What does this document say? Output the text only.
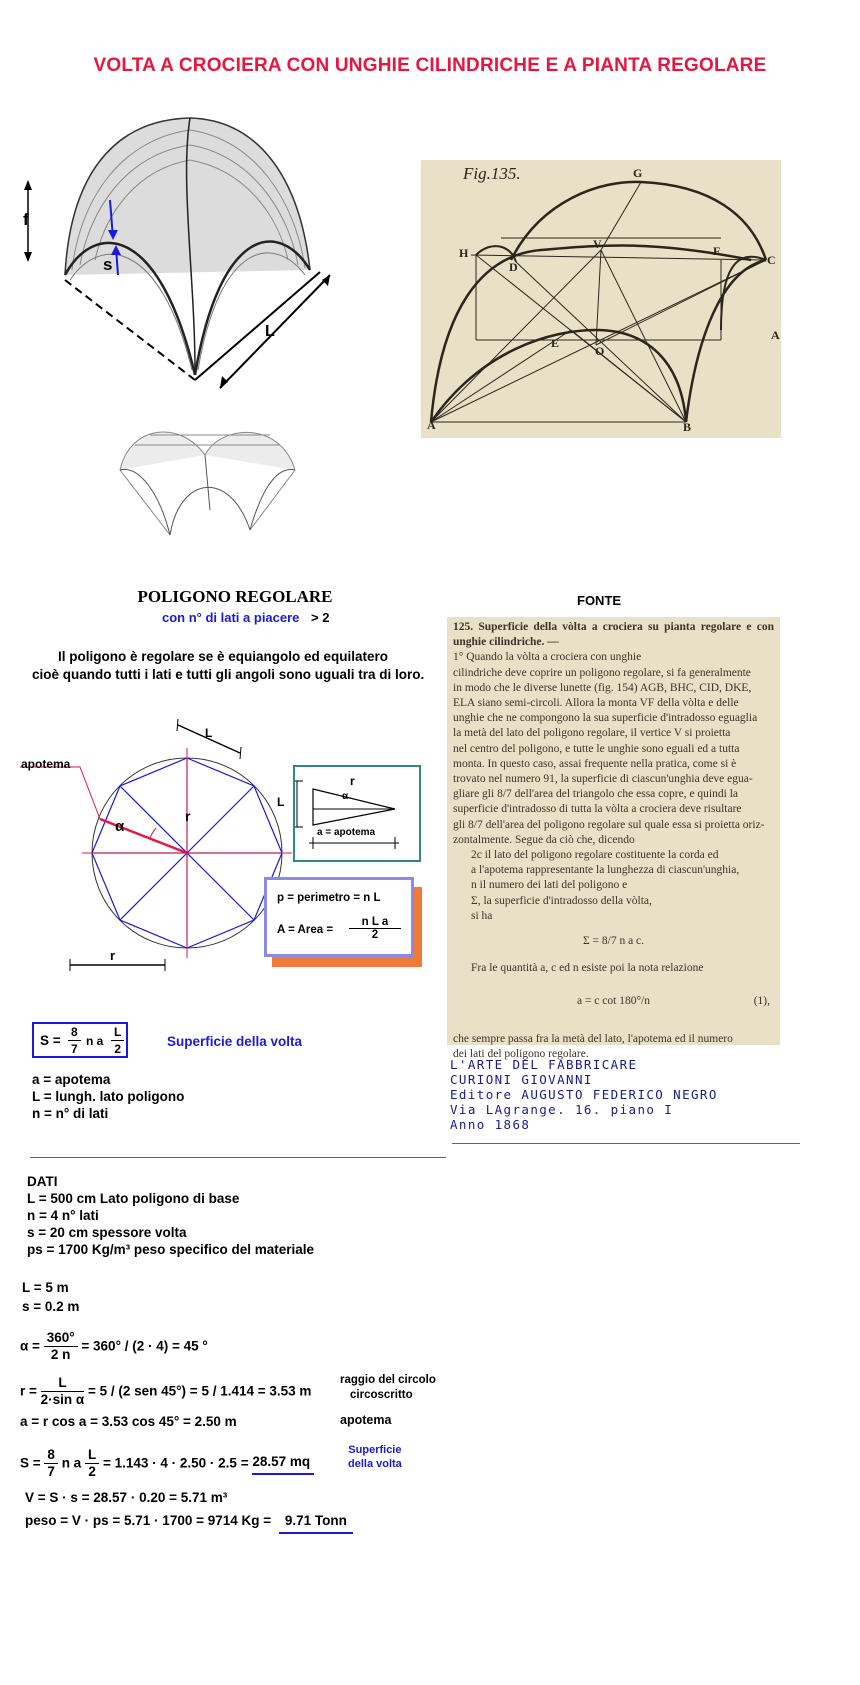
VOLTA A CROCIERA CON UNGHIE CILINDRICHE E A PIANTA REGOLARE
f
s
L
Fig.135.	G
H
D
V	F
C
E
O
A	B
A
POLIGONO REGOLARE
con n° di lati a piacere > 2
Il poligono è regolare se è equiangolo ed equilatero
cioè quando tutti i lati e tutti gli angoli sono uguali tra di loro.
L
apotema
α
r
r
L
r
α
a = apotema
p = perimetro = n L
A = Area = $\frac{\text{n L a}}{2}$
$S = \frac{8}{7}$ n a $\frac{L}{2}$	Superficie della volta
a = apotema
L = lungh. lato poligono
n = n° di lati
FONTE
125. Superficie della vòlta a crociera su pianta regolare e con unghie cilindriche. —
1° Quando la vòlta a crociera con unghie
cilindriche deve coprire un poligono regolare, si fa generalmente
in modo che le diverse lunette (fig. 154) AGB, BHC, CID, DKE,
ELA siano semi-circoli. Allora la monta VF della vòlta e delle
unghie che ne compongono la sua superficie d'intradosso eguaglia
la metà del lato del poligono regolare, il vertice V si proietta
nel centro del poligono, e tutte le unghie sono eguali ed a tutta
monta. In questo caso, assai frequente nella pratica, come si è
trovato nel numero 91, la superficie di ciascun'unghia deve egua-
gliare gli 8/7 dell'area del triangolo che essa copre, e quindi la
superficie d'intradosso di tutta la vòlta a crociera deve risultare
gli 8/7 dell'area del poligono regolare sul quale essa si proietta oriz-
zontalmente. Segue da ciò che, dicendo
2c il lato del poligono regolare costituente la corda ed
a l'apotema rappresentante la lunghezza di ciascun'unghia,
n il numero dei lati del poligono e
Σ, la superficie d'intradosso della vòlta,
si ha
Σ = 8/7 n a c.
Fra le quantità a, c ed n esiste poi la nota relazione
a = c cot 180°/n	(1),
che sempre passa fra la metà del lato, l'apotema ed il numero
dei lati del poligono regolare.
L'ARTE DEL FABBRICARE
CURIONI GIOVANNI
Editore AUGUSTO FEDERICO NEGRO
Via LAgrange. 16. piano I
Anno 1868
DATI
L = 500 cm Lato poligono di base
n = 4 n° lati
s = 20 cm spessore volta
ps = 1700 Kg/m³ peso specifico del materiale
L = 5 m
s = 0.2 m
$\alpha = \frac{360^\circ}{2 n} = 360^\circ / (2 \cdot 4) = 45$ °
$r = \frac{L}{\text{2·sin α}} = 5 / (2$ sen 45°) = 5 / 1.414 = 3.53 m
raggio del circolo
circoscritto
a = r cos a = 3.53 cos 45° = 2.50 m	apotema
$S = \frac{8}{7}$ n a $\frac{L}{2} = 1.143 \cdot 4 \cdot 2.50 \cdot 2.5 = 28.57$ mq
Superficie
della volta
V = S · s = 28.57 · 0.20 = 5.71 m³
peso = V · ps = 5.71 · 1700 = 9714 Kg = 9.71 Tonn
